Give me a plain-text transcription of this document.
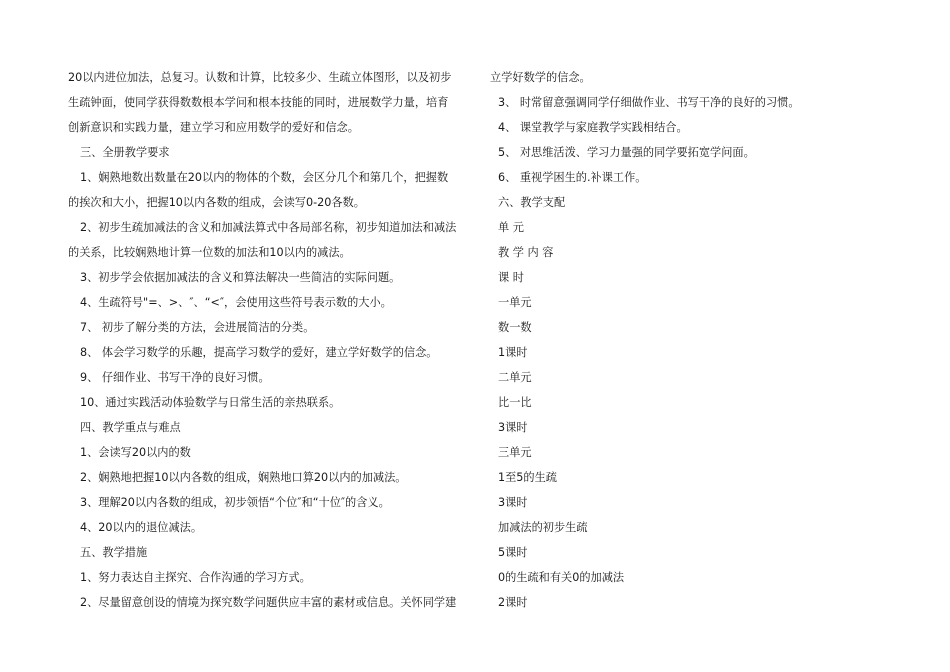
20以内进位加法，总复习。认数和计算，比较多少、生疏立体图形，以及初步
生疏钟面，使同学获得数数根本学问和根本技能的同时，进展数学力量，培育
创新意识和实践力量，建立学习和应用数学的爱好和信念。
三、全册教学要求
1、娴熟地数出数量在20以内的物体的个数，会区分几个和第几个，把握数
的挨次和大小，把握10以内各数的组成，会读写0-20各数。
2、初步生疏加减法的含义和加减法算式中各局部名称，初步知道加法和减法
的关系，比较娴熟地计算一位数的加法和10以内的减法。
3、初步学会依据加减法的含义和算法解决一些简洁的实际问题。
4、生疏符号"=、>、″、“<″，会使用这些符号表示数的大小。
7、 初步了解分类的方法，会进展简洁的分类。
8、 体会学习数学的乐趣，提高学习数学的爱好，建立学好数学的信念。
9、 仔细作业、书写干净的良好习惯。
10、通过实践活动体验数学与日常生活的亲热联系。
四、教学重点与难点
1、会读写20以内的数
2、娴熟地把握10以内各数的组成，娴熟地口算20以内的加减法。
3、理解20以内各数的组成，初步领悟“个位″和“十位″的含义。
4、20以内的退位减法。
五、教学措施
1、努力表达自主探究、合作沟通的学习方式。
2、尽量留意创设的情境为探究数学问题供应丰富的素材或信息。关怀同学建
立学好数学的信念。
3、 时常留意强调同学仔细做作业、书写干净的良好的习惯。
4、 课堂教学与家庭教学实践相结合。
5、 对思维活泼、学习力量强的同学要拓宽学问面。
6、 重视学困生的.补课工作。
六、教学支配
单 元
教 学 内 容
课 时
一单元
数一数
1课时
二单元
比一比
3课时
三单元
1至5的生疏
3课时
加减法的初步生疏
5课时
0的生疏和有关0的加减法
2课时
